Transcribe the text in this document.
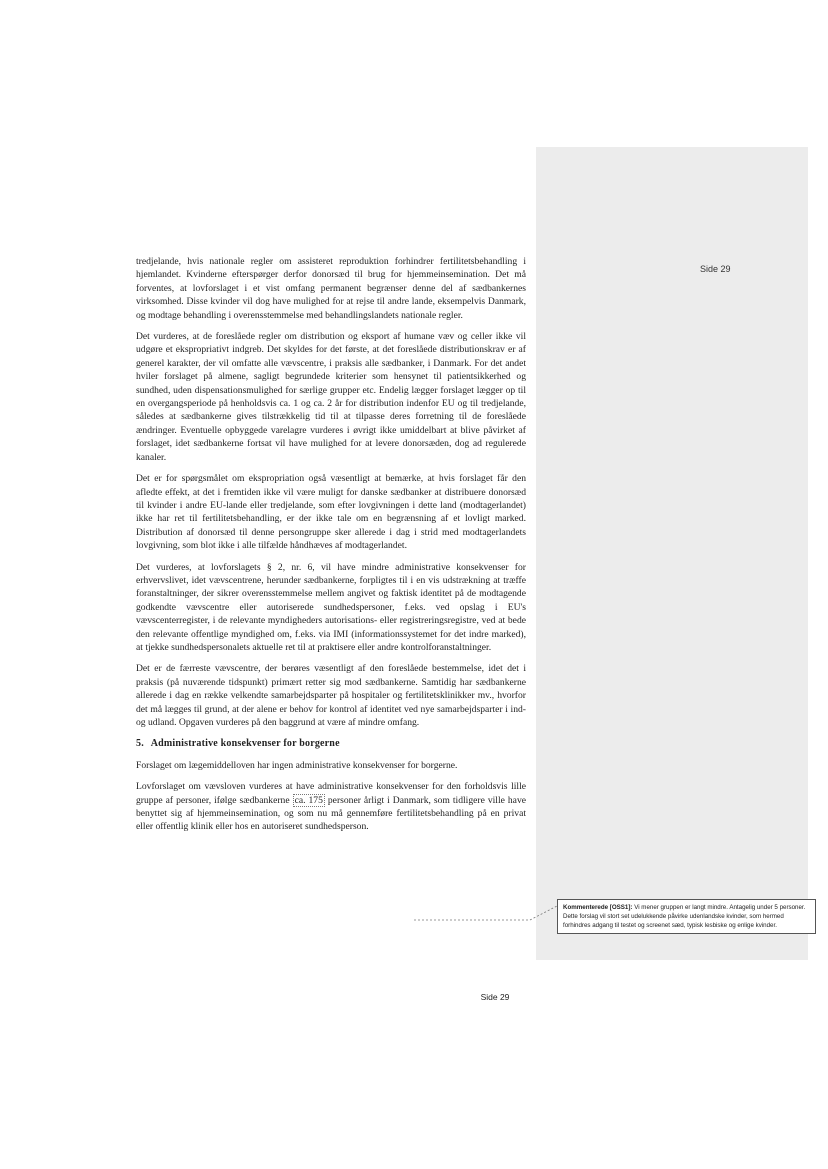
Side 29

tredjelande, hvis nationale regler om assisteret reproduktion forhindrer fertilitetsbehandling i hjemlandet. Kvinderne efterspørger derfor donorsæd til brug for hjemmeinsemination. Det må forventes, at lovforslaget i et vist omfang permanent begrænser denne del af sædbankernes virksomhed. Disse kvinder vil dog have mulighed for at rejse til andre lande, eksempelvis Danmark, og modtage behandling i overensstemmelse med behandlingslandets nationale regler.

Det vurderes, at de foreslåede regler om distribution og eksport af humane væv og celler ikke vil udgøre et ekspropriativt indgreb. Det skyldes for det første, at det foreslåede distributionskrav er af generel karakter, der vil omfatte alle vævscentre, i praksis alle sædbanker, i Danmark. For det andet hviler forslaget på almene, sagligt begrundede kriterier som hensynet til patientsikkerhed og sundhed, uden dispensationsmulighed for særlige grupper etc. Endelig lægger forslaget lægger op til en overgangsperiode på henholdsvis ca. 1 og ca. 2 år for distribution indenfor EU og til tredjelande, således at sædbankerne gives tilstrækkelig tid til at tilpasse deres forretning til de foreslåede ændringer. Eventuelle opbyggede varelagre vurderes i øvrigt ikke umiddelbart at blive påvirket af forslaget, idet sædbankerne fortsat vil have mulighed for at levere donorsæden, dog ad regulerede kanaler.

Det er for spørgsmålet om ekspropriation også væsentligt at bemærke, at hvis forslaget får den afledte effekt, at det i fremtiden ikke vil være muligt for danske sædbanker at distribuere donorsæd til kvinder i andre EU-lande eller tredjelande, som efter lovgivningen i dette land (modtagerlandet) ikke har ret til fertilitetsbehandling, er der ikke tale om en begrænsning af et lovligt marked. Distribution af donorsæd til denne persongruppe sker allerede i dag i strid med modtagerlandets lovgivning, som blot ikke i alle tilfælde håndhæves af modtagerlandet.

Det vurderes, at lovforslagets § 2, nr. 6, vil have mindre administrative konsekvenser for erhvervslivet, idet vævscentrene, herunder sædbankerne, forpligtes til i en vis udstrækning at træffe foranstaltninger, der sikrer overensstemmelse mellem angivet og faktisk identitet på de modtagende godkendte vævscentre eller autoriserede sundhedspersoner, f.eks. ved opslag i EU's vævscenterregister, i de relevante myndigheders autorisations- eller registreringsregistre, ved at bede den relevante offentlige myndighed om, f.eks. via IMI (informationssystemet for det indre marked), at tjekke sundhedspersonalets aktuelle ret til at praktisere eller andre kontrolforanstaltninger.

Det er de færreste vævscentre, der berøres væsentligt af den foreslåede bestemmelse, idet det i praksis (på nuværende tidspunkt) primært retter sig mod sædbankerne. Samtidig har sædbankerne allerede i dag en række velkendte samarbejdsparter på hospitaler og fertilitetsklinikker mv., hvorfor det må lægges til grund, at der alene er behov for kontrol af identitet ved nye samarbejdsparter i ind- og udland. Opgaven vurderes på den baggrund at være af mindre omfang.

5. Administrative konsekvenser for borgerne

Forslaget om lægemiddelloven har ingen administrative konsekvenser for borgerne.

Lovforslaget om vævsloven vurderes at have administrative konsekvenser for den forholdsvis lille gruppe af personer, ifølge sædbankerne ca. 175 personer årligt i Danmark, som tidligere ville have benyttet sig af hjemmeinsemination, og som nu må gennemføre fertilitetsbehandling på en privat eller offentlig klinik eller hos en autoriseret sundhedsperson.

Kommenterede [OSS1]: Vi mener gruppen er langt mindre. Antagelig under 5 personer. Dette forslag vil stort set udelukkende påvirke udenlandske kvinder, som hermed forhindres adgang til testet og screenet sæd, typisk lesbiske og enlige kvinder.
Side 29
